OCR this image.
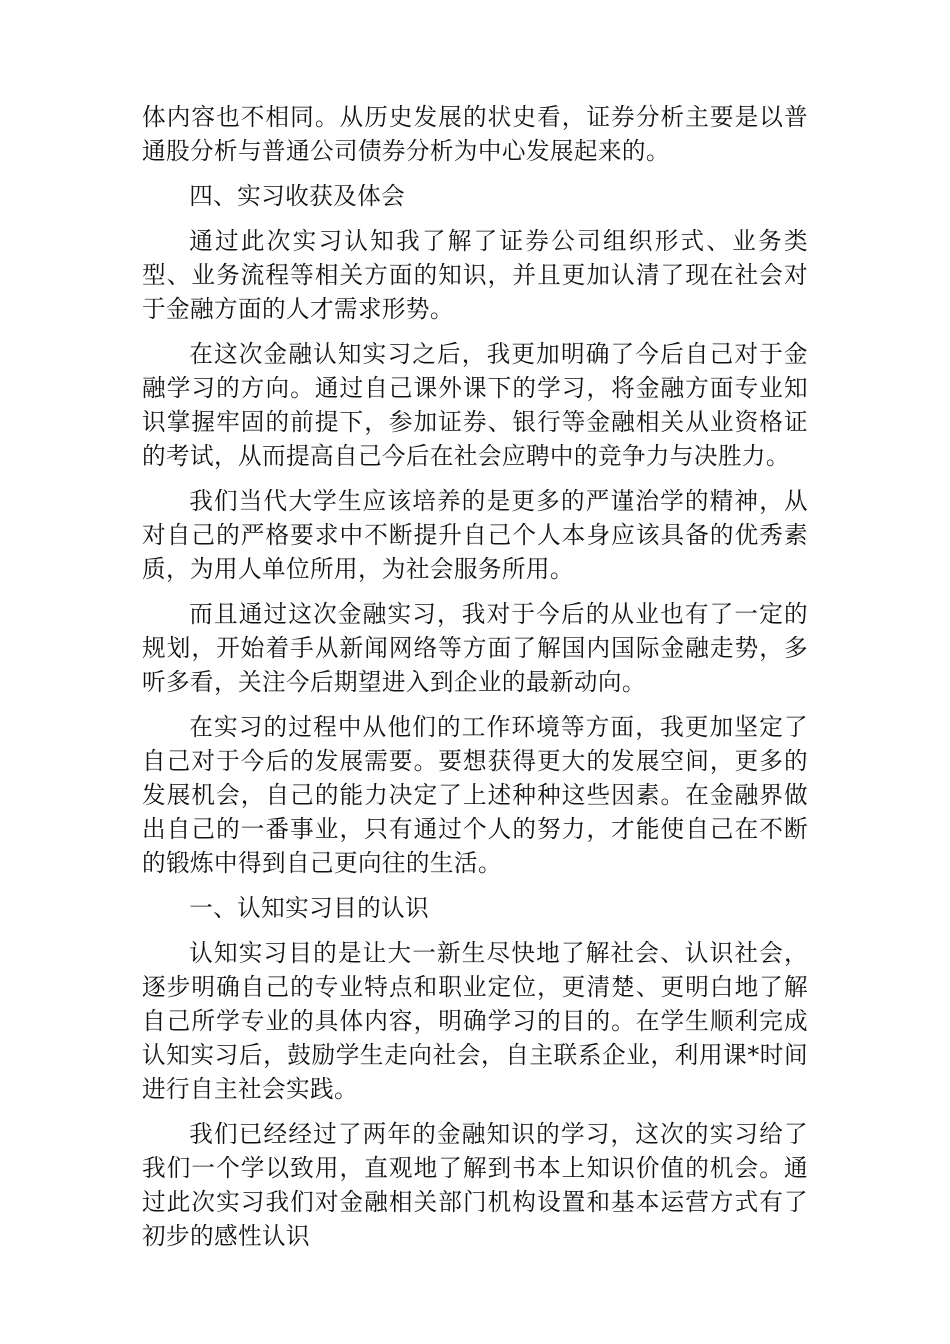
体内容也不相同。从历史发展的状史看，证券分析主要是以普通股分析与普通公司债券分析为中心发展起来的。

四、实习收获及体会

通过此次实习认知我了解了证券公司组织形式、业务类型、业务流程等相关方面的知识，并且更加认清了现在社会对于金融方面的人才需求形势。

在这次金融认知实习之后，我更加明确了今后自己对于金融学习的方向。通过自己课外课下的学习，将金融方面专业知识掌握牢固的前提下，参加证券、银行等金融相关从业资格证的考试，从而提高自己今后在社会应聘中的竞争力与决胜力。

我们当代大学生应该培养的是更多的严谨治学的精神，从对自己的严格要求中不断提升自己个人本身应该具备的优秀素质，为用人单位所用，为社会服务所用。

而且通过这次金融实习，我对于今后的从业也有了一定的规划，开始着手从新闻网络等方面了解国内国际金融走势，多听多看，关注今后期望进入到企业的最新动向。

在实习的过程中从他们的工作环境等方面，我更加坚定了自己对于今后的发展需要。要想获得更大的发展空间，更多的发展机会，自己的能力决定了上述种种这些因素。在金融界做出自己的一番事业，只有通过个人的努力，才能使自己在不断的锻炼中得到自己更向往的生活。

一、认知实习目的认识

认知实习目的是让大一新生尽快地了解社会、认识社会，逐步明确自己的专业特点和职业定位，更清楚、更明白地了解自己所学专业的具体内容，明确学习的目的。在学生顺利完成认知实习后，鼓励学生走向社会，自主联系企业，利用课*时间进行自主社会实践。

我们已经经过了两年的金融知识的学习，这次的实习给了我们一个学以致用，直观地了解到书本上知识价值的机会。通过此次实习我们对金融相关部门机构设置和基本运营方式有了初步的感性认识
